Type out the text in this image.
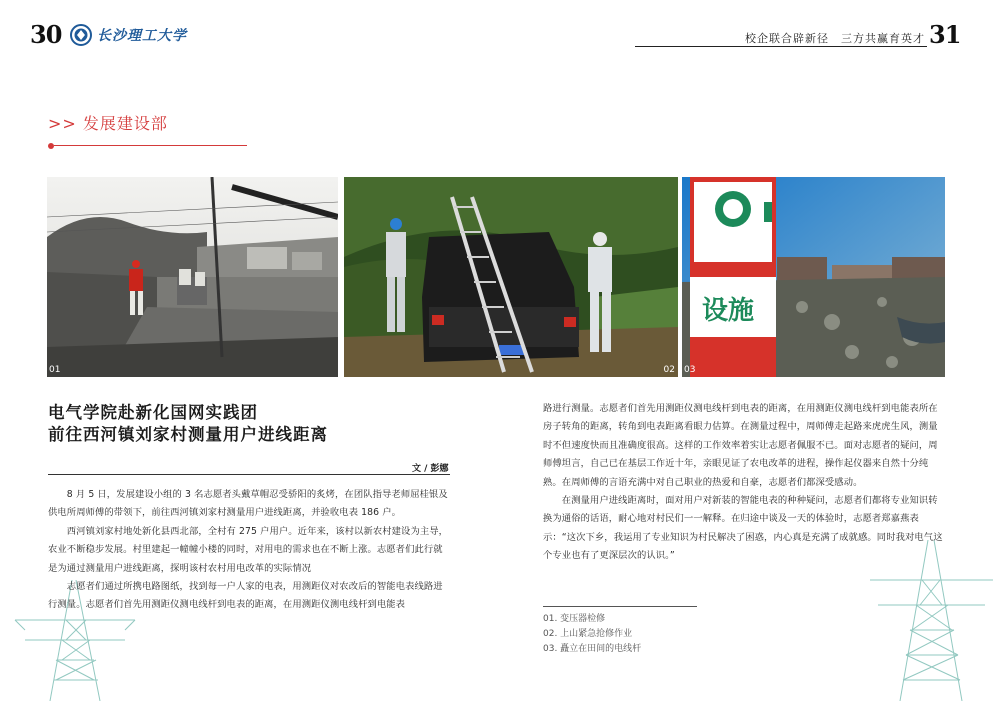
30	长沙理工大学	校企联合辟新径　三方共赢育英才 31
>> 发展建设部
01	02
设施
03
电气学院赴新化国网实践团
前往西河镇刘家村测量用户进线距离
文 / 彭娜

　　8 月 5 日，发展建设小组的 3 名志愿者头戴草帽忍受骄阳的炙烤，在团队指导老师屈桂银及供电所周师傅的带领下，前往西河镇刘家村测量用户进线距离，并验收电表 186 户。

　　西河镇刘家村地处新化县西北部，全村有 275 户用户。近年来，该村以新农村建设为主导，农业不断稳步发展。村里建起一幢幢小楼的同时，对用电的需求也在不断上涨。志愿者们此行就是为通过测量用户进线距离，探明该村农村用电改革的实际情况

　　志愿者们通过所携电路图纸，找到每一户人家的电表，用测距仪对农改后的智能电表线路进行测量。志愿者们首先用测距仪测电线杆到电表的距离，在用测距仪测电线杆到电能表

路进行测量。志愿者们首先用测距仪测电线杆到电表的距离，在用测距仪测电线杆到电能表所在房子转角的距离，转角到电表距离看眼力估算。在测量过程中，周师傅走起路来虎虎生风，测量时不但速度快而且准确度很高。这样的工作效率着实让志愿者佩服不已。面对志愿者的疑问，周师傅坦言，自己已在基层工作近十年，亲眼见证了农电改革的进程，操作起仪器来自然十分纯熟。在周师傅的言语充满中对自己职业的热爱和自豪，志愿者们都深受感动。

　　在测量用户进线距离时，面对用户对新装的智能电表的种种疑问，志愿者们都将专业知识转换为通俗的话语，耐心地对村民们一一解释。在归途中谈及一天的体验时，志愿者郑嘉燕表示：“这次下乡，我运用了专业知识为村民解决了困惑，内心真是充满了成就感。同时我对电气这个专业也有了更深层次的认识。”

01. 变压器检修
02. 上山紧急抢修作业
03. 矗立在田间的电线杆
